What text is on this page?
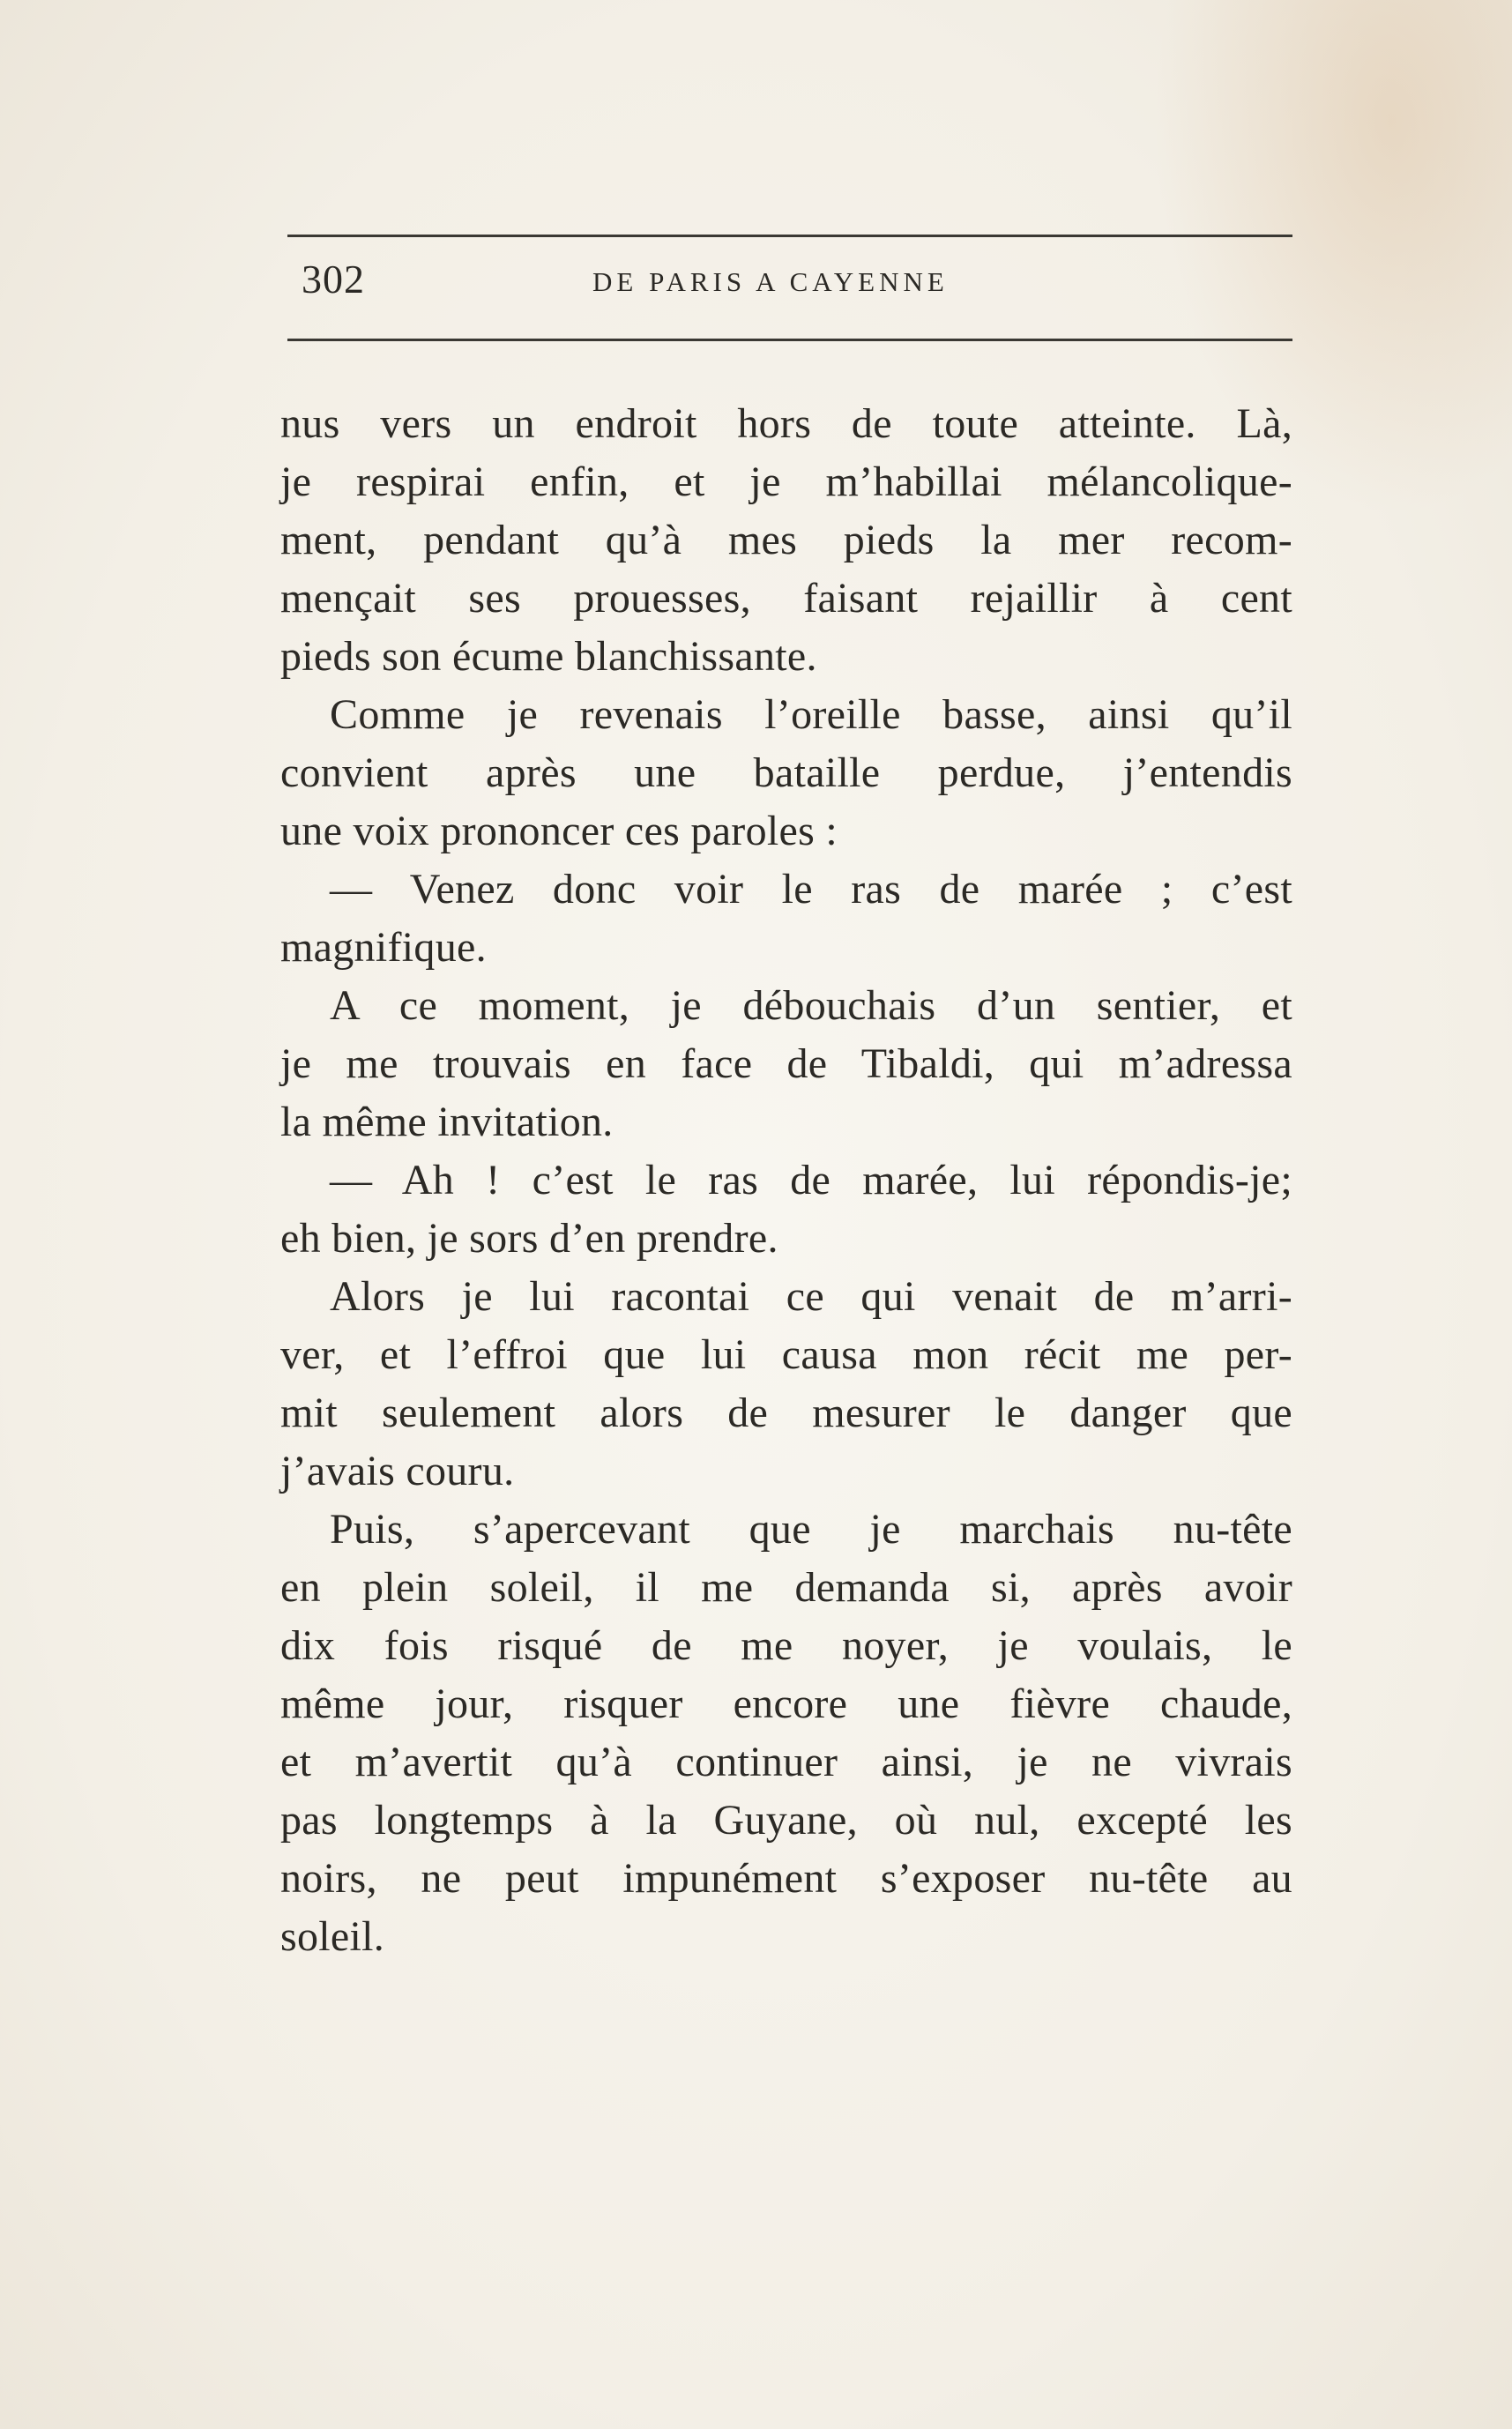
302	DE PARIS A CAYENNE
nus vers un endroit hors de toute atteinte. Là,
je respirai enfin, et je m’habillai mélancolique-
ment, pendant qu’à mes pieds la mer recom-
mençait ses prouesses, faisant rejaillir à cent
pieds son écume blanchissante.
Comme je revenais l’oreille basse, ainsi qu’il
convient après une bataille perdue, j’entendis
une voix prononcer ces paroles :
— Venez donc voir le ras de marée ; c’est
magnifique.
A ce moment, je débouchais d’un sentier, et
je me trouvais en face de Tibaldi, qui m’adressa
la même invitation.
— Ah ! c’est le ras de marée, lui répondis-je;
eh bien, je sors d’en prendre.
Alors je lui racontai ce qui venait de m’arri-
ver, et l’effroi que lui causa mon récit me per-
mit seulement alors de mesurer le danger que
j’avais couru.
Puis, s’apercevant que je marchais nu-tête
en plein soleil, il me demanda si, après avoir
dix fois risqué de me noyer, je voulais, le
même jour, risquer encore une fièvre chaude,
et m’avertit qu’à continuer ainsi, je ne vivrais
pas longtemps à la Guyane, où nul, excepté les
noirs, ne peut impunément s’exposer nu-tête au
soleil.
